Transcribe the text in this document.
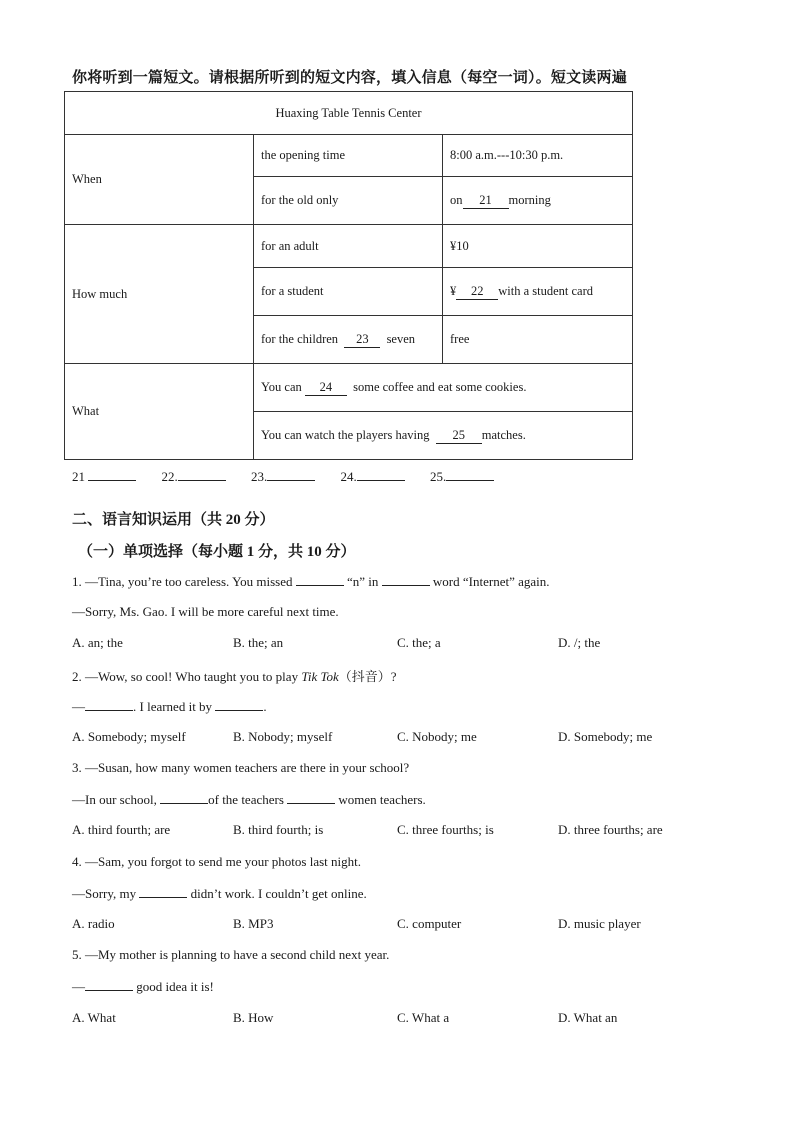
你将听到一篇短文。请根据所听到的短文内容，填入信息（每空一词）。短文读两遍
Huaxing Table Tennis Center		
When	the opening time	8:00 a.m.---10:30 p.m.
	for the old only	on 21 morning
How much	for an adult	¥10
	for a student	¥ 22 with a student card
	for the children 23 seven	free
What	You can 24 some coffee and eat some cookies.	
	You can watch the players having 25 matches.	
21	22.	23.	24.	25.
二、语言知识运用（共 20 分）
（一）单项选择（每小题 1 分，共 10 分）
1. —Tina, you’re too careless. You missed	“n” in	word “Internet” again.
—Sorry, Ms. Gao. I will be more careful next time.
A. an; the	B. the; an	C. the; a	D. /; the
2. —Wow, so cool! Who taught you to play Tik Tok（抖音）?
—	. I learned it by	.
A. Somebody; myself	B. Nobody; myself	C. Nobody; me	D. Somebody; me
3. —Susan, how many women teachers are there in your school?
—In our school,	of the teachers	women teachers.
A. third fourth; are	B. third fourth; is	C. three fourths; is	D. three fourths; are
4. —Sam, you forgot to send me your photos last night.
—Sorry, my	didn’t work. I couldn’t get online.
A. radio	B. MP3	C. computer	D. music player
5. —My mother is planning to have a second child next year.
—	good idea it is!
A. What	B. How	C. What a	D. What an
